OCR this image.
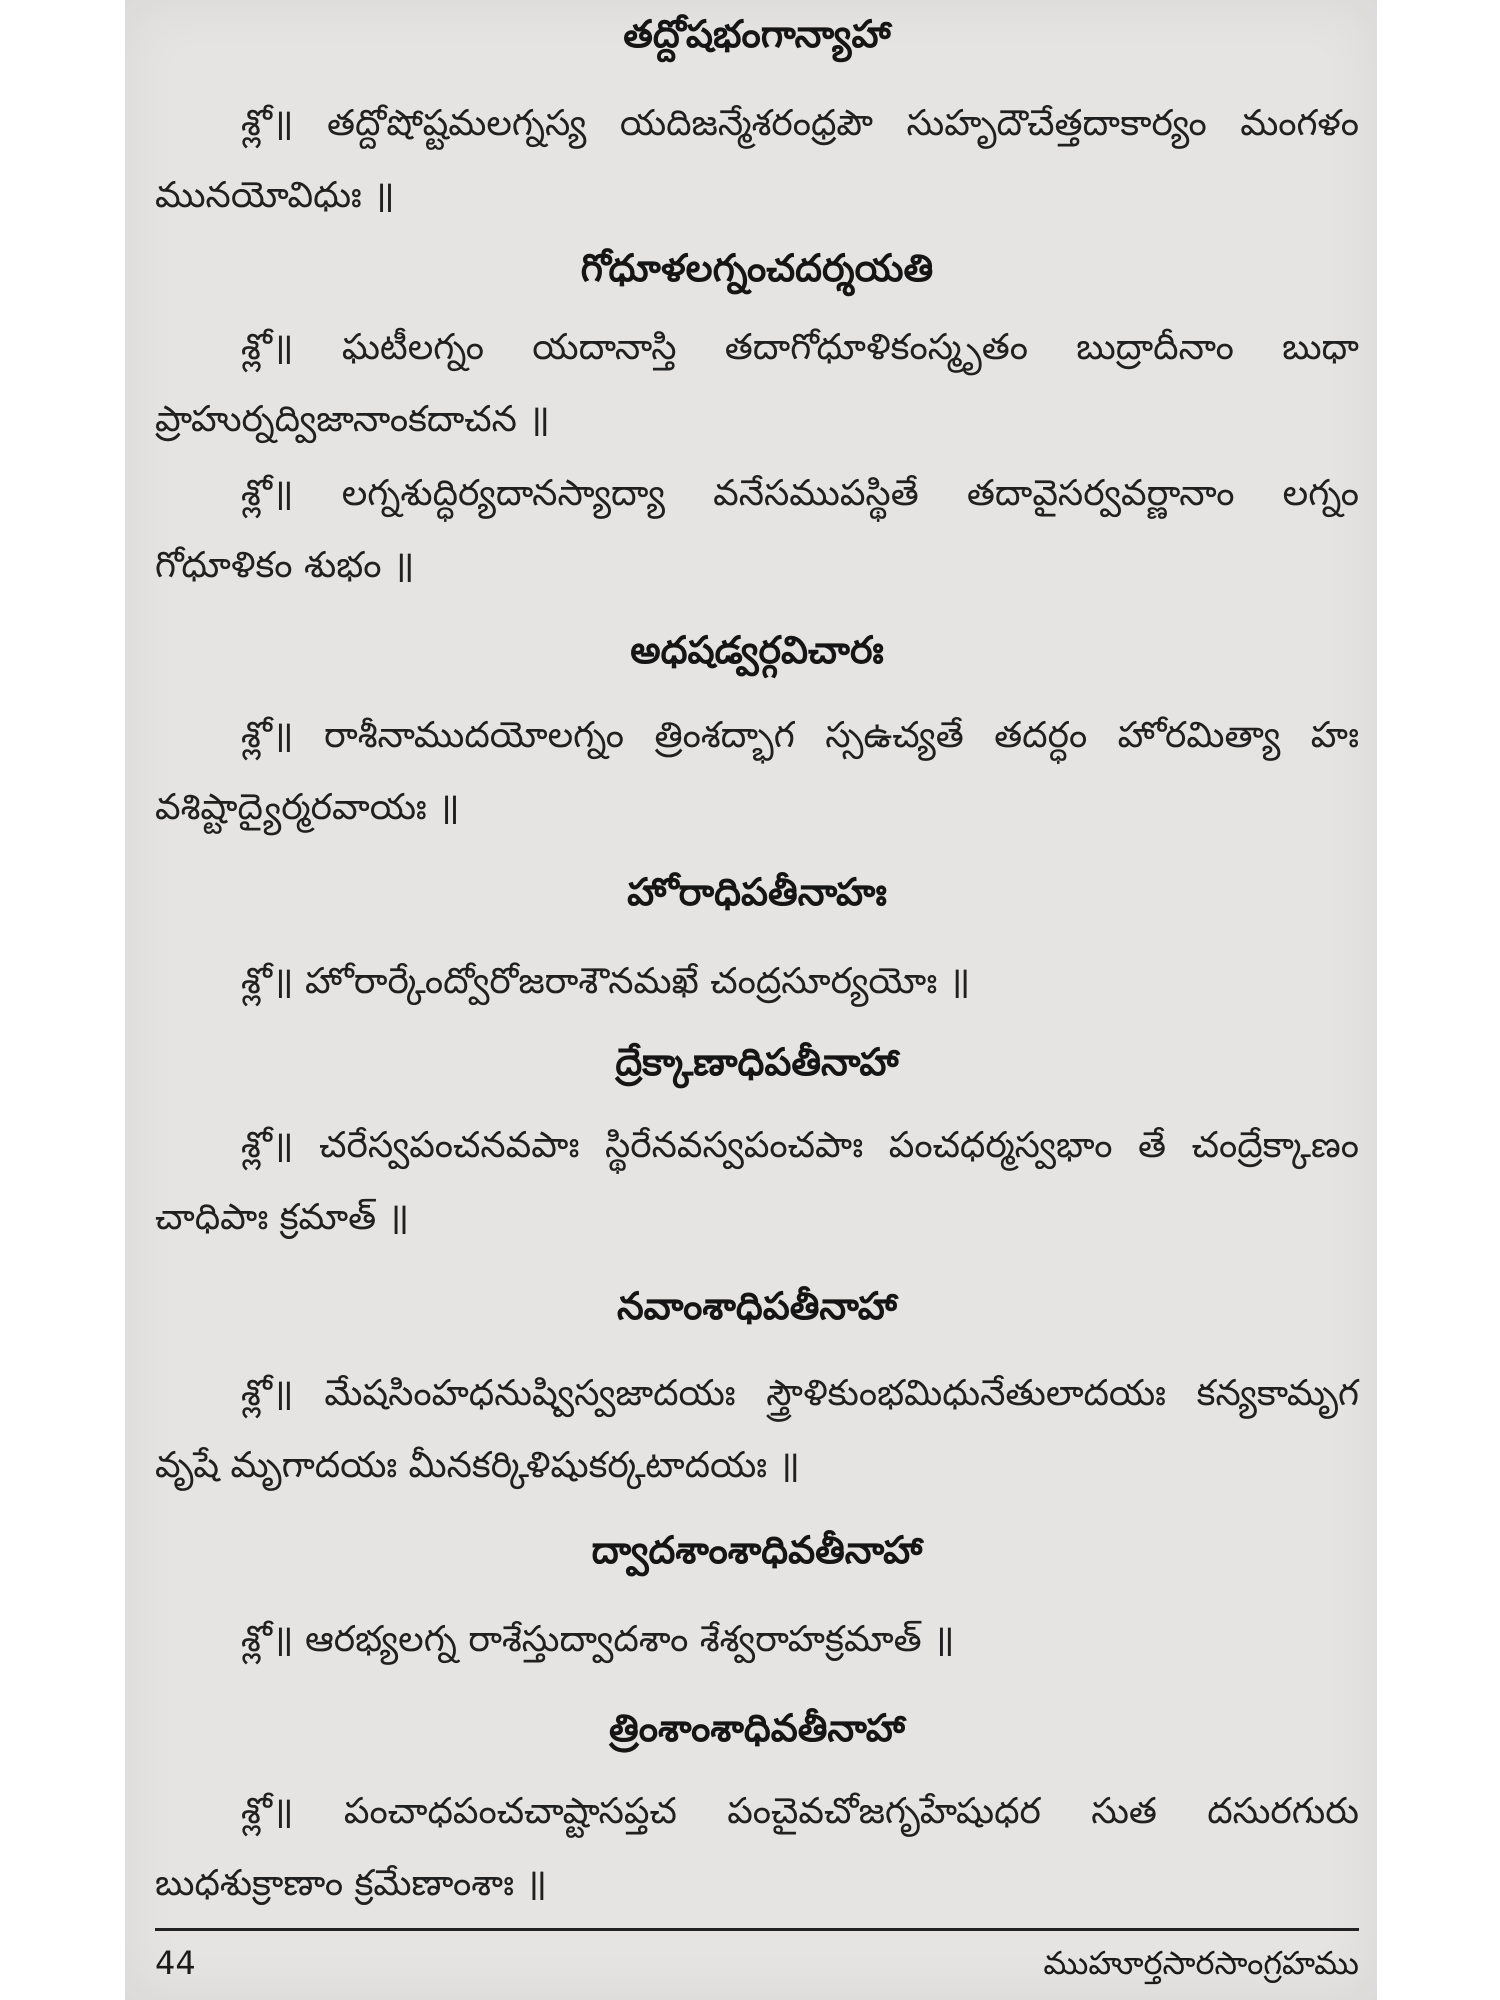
తద్దోషభంగాన్యాహా
శ్లో॥ తద్దోషోష్టమలగ్నస్య యదిజన్మేశరంధ్రపౌ సుహృదౌచేత్తదాకార్యం మంగళం మునయోవిధుః ॥
గోధూళలగ్నంచదర్శయతి
శ్లో॥ ఘటీలగ్నం యదానాస్తి తదాగోధూళికంస్మృతం బుద్రాదీనాం బుధా ప్రాహుర్నద్విజానాంకదాచన ॥
శ్లో॥ లగ్నశుద్ధిర్యదానస్యాద్యా వనేసముపస్థితే తదావైసర్వవర్ణానాం లగ్నం గోధూళికం శుభం ॥
అధషడ్వర్గవిచారః
శ్లో॥ రాశీనాముదయోలగ్నం త్రింశద్భాగ స్సఉచ్యతే తదర్ధం హోరమిత్యా హః వశిష్టాద్యైర్మరవాయః ॥
హోరాధిపతీనాహః
శ్లో॥ హోరార్కేంద్వోరోజరాశౌనమఖే చంద్రసూర్యయోః ॥
ద్రేక్కాణాధిపతీనాహా
శ్లో॥ చరేస్వపంచనవపాః స్థిరేనవస్వపంచపాః పంచధర్మస్వభాం తే చంద్రేక్కాణం చాధిపాః క్రమాత్ ॥
నవాంశాధిపతీనాహా
శ్లో॥ మేషసింహధనుష్విస్వజాదయః స్త్రౌళికుంభమిధునేతులాదయః కన్యకామృగ వృషే మృగాదయః మీనకర్కిళిషుకర్కటాదయః ॥
ద్వాదశాంశాధివతీనాహా
శ్లో॥ ఆరభ్యలగ్న రాశేస్తుద్వాదశాం శేశ్వరాహక్రమాత్ ॥
త్రింశాంశాధివతీనాహా
శ్లో॥ పంచాధపంచచాష్టాసప్తచ పంచైవచోజగృహేషుధర సుత దసురగురు బుధశుక్రాణాం క్రమేణాంశాః ॥
44	ముహూర్తసారసాంగ్రహము
